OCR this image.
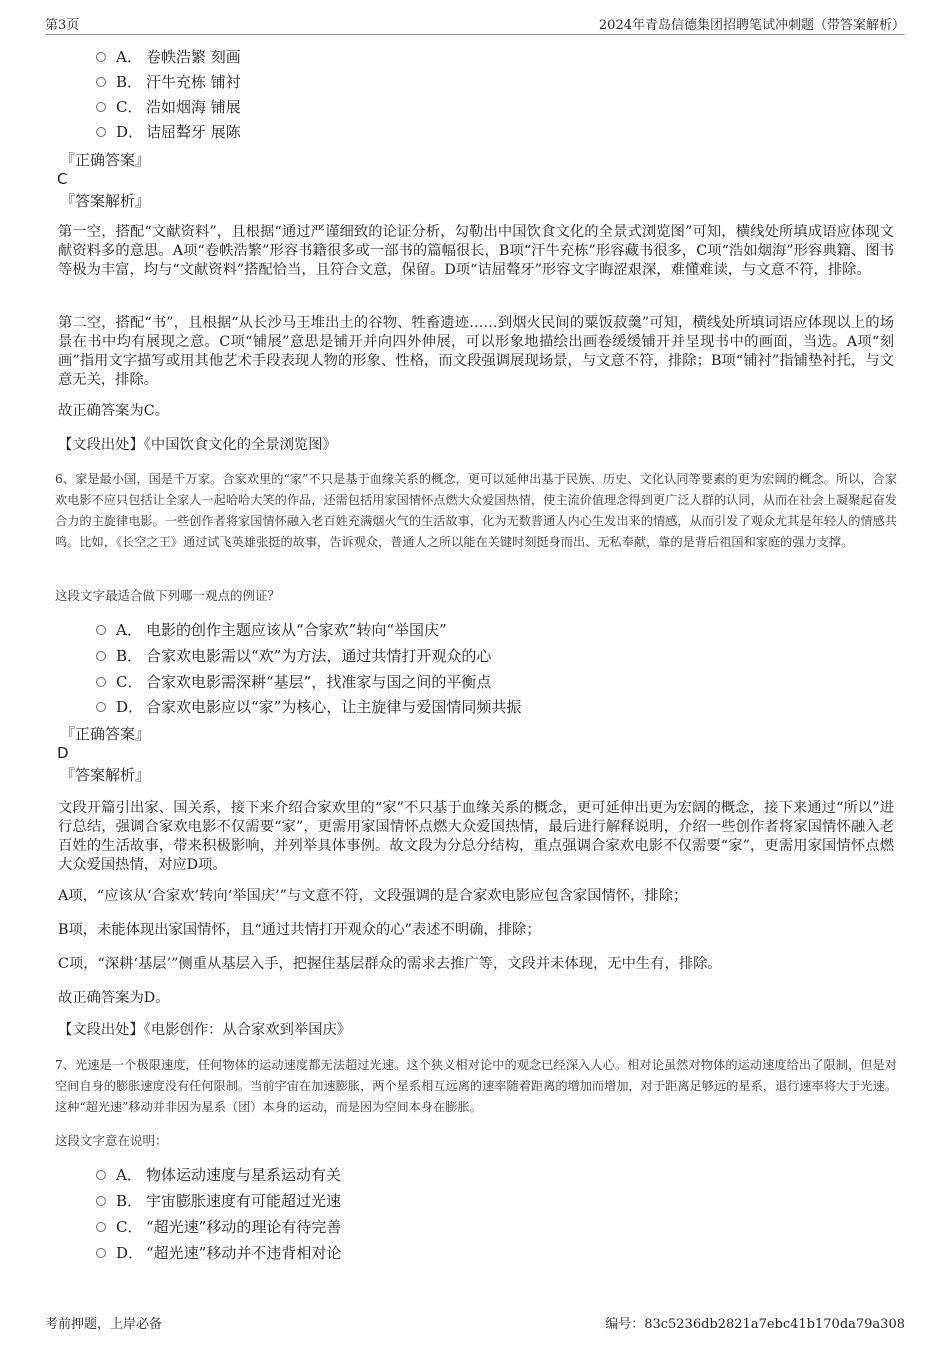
第3页	2024年青岛信德集团招聘笔试冲刺题（带答案解析）
A． 卷帙浩繁 刻画
B． 汗牛充栋 铺衬
C． 浩如烟海 铺展
D． 诘屈聱牙 展陈
『正确答案』
C
『答案解析』
第一空，搭配“文献资料”，且根据“通过严谨细致的论证分析，勾勒出中国饮食文化的全景式浏览图”可知，横线处所填成语应体现文献资料多的意思。A项“卷帙浩繁”形容书籍很多或一部书的篇幅很长，B项“汗牛充栋”形容藏书很多，C项“浩如烟海”形容典籍、图书等极为丰富，均与“文献资料”搭配恰当，且符合文意，保留。D项“诘屈聱牙”形容文字晦涩艰深，难懂难读，与文意不符，排除。
第二空，搭配“书”，且根据“从长沙马王堆出土的谷物、牲畜遗迹……到烟火民间的粟饭菽羹”可知，横线处所填词语应体现以上的场景在书中均有展现之意。C项“铺展”意思是铺开并向四外伸展，可以形象地描绘出画卷缓缓铺开并呈现书中的画面，当选。A项“刻画”指用文字描写或用其他艺术手段表现人物的形象、性格，而文段强调展现场景，与文意不符，排除；B项“铺衬”指铺垫衬托，与文意无关，排除。
故正确答案为C。
【文段出处】《中国饮食文化的全景浏览图》
6、家是最小国，国是千万家。合家欢里的“家”不只是基于血缘关系的概念，更可以延伸出基于民族、历史、文化认同等要素的更为宏阔的概念。所以，合家欢电影不应只包括让全家人一起哈哈大笑的作品，还需包括用家国情怀点燃大众爱国热情，使主流价值理念得到更广泛人群的认同，从而在社会上凝聚起奋发合力的主旋律电影。一些创作者将家国情怀融入老百姓充满烟火气的生活故事，化为无数普通人内心生发出来的情感，从而引发了观众尤其是年轻人的情感共鸣。比如，《长空之王》通过试飞英雄张挺的故事，告诉观众，普通人之所以能在关键时刻挺身而出、无私奉献，靠的是背后祖国和家庭的强力支撑。
这段文字最适合做下列哪一观点的例证？
A． 电影的创作主题应该从“合家欢”转向“举国庆”
B． 合家欢电影需以“欢”为方法，通过共情打开观众的心
C． 合家欢电影需深耕“基层”，找准家与国之间的平衡点
D． 合家欢电影应以“家”为核心，让主旋律与爱国情同频共振
『正确答案』
D
『答案解析』
文段开篇引出家、国关系，接下来介绍合家欢里的“家”不只基于血缘关系的概念，更可延伸出更为宏阔的概念，接下来通过“所以”进行总结，强调合家欢电影不仅需要“家”，更需用家国情怀点燃大众爱国热情，最后进行解释说明，介绍一些创作者将家国情怀融入老百姓的生活故事，带来积极影响，并列举具体事例。故文段为分总分结构，重点强调合家欢电影不仅需要“家”，更需用家国情怀点燃大众爱国热情，对应D项。
A项，“应该从‘合家欢’转向‘举国庆’”与文意不符，文段强调的是合家欢电影应包含家国情怀，排除；
B项，未能体现出家国情怀，且“通过共情打开观众的心”表述不明确，排除；
C项，“深耕‘基层’”侧重从基层入手，把握住基层群众的需求去推广等，文段并未体现，无中生有，排除。
故正确答案为D。
【文段出处】《电影创作：从合家欢到举国庆》
7、光速是一个极限速度，任何物体的运动速度都无法超过光速。这个狭义相对论中的观念已经深入人心。相对论虽然对物体的运动速度给出了限制，但是对空间自身的膨胀速度没有任何限制。当前宇宙在加速膨胀，两个星系相互远离的速率随着距离的增加而增加，对于距离足够远的星系，退行速率将大于光速。这种“超光速”移动并非因为星系（团）本身的运动，而是因为空间本身在膨胀。
这段文字意在说明：
A． 物体运动速度与星系运动有关
B． 宇宙膨胀速度有可能超过光速
C． “超光速”移动的理论有待完善
D． “超光速”移动并不违背相对论
考前押题，上岸必备	编号：83c5236db2821a7ebc41b170da79a308
